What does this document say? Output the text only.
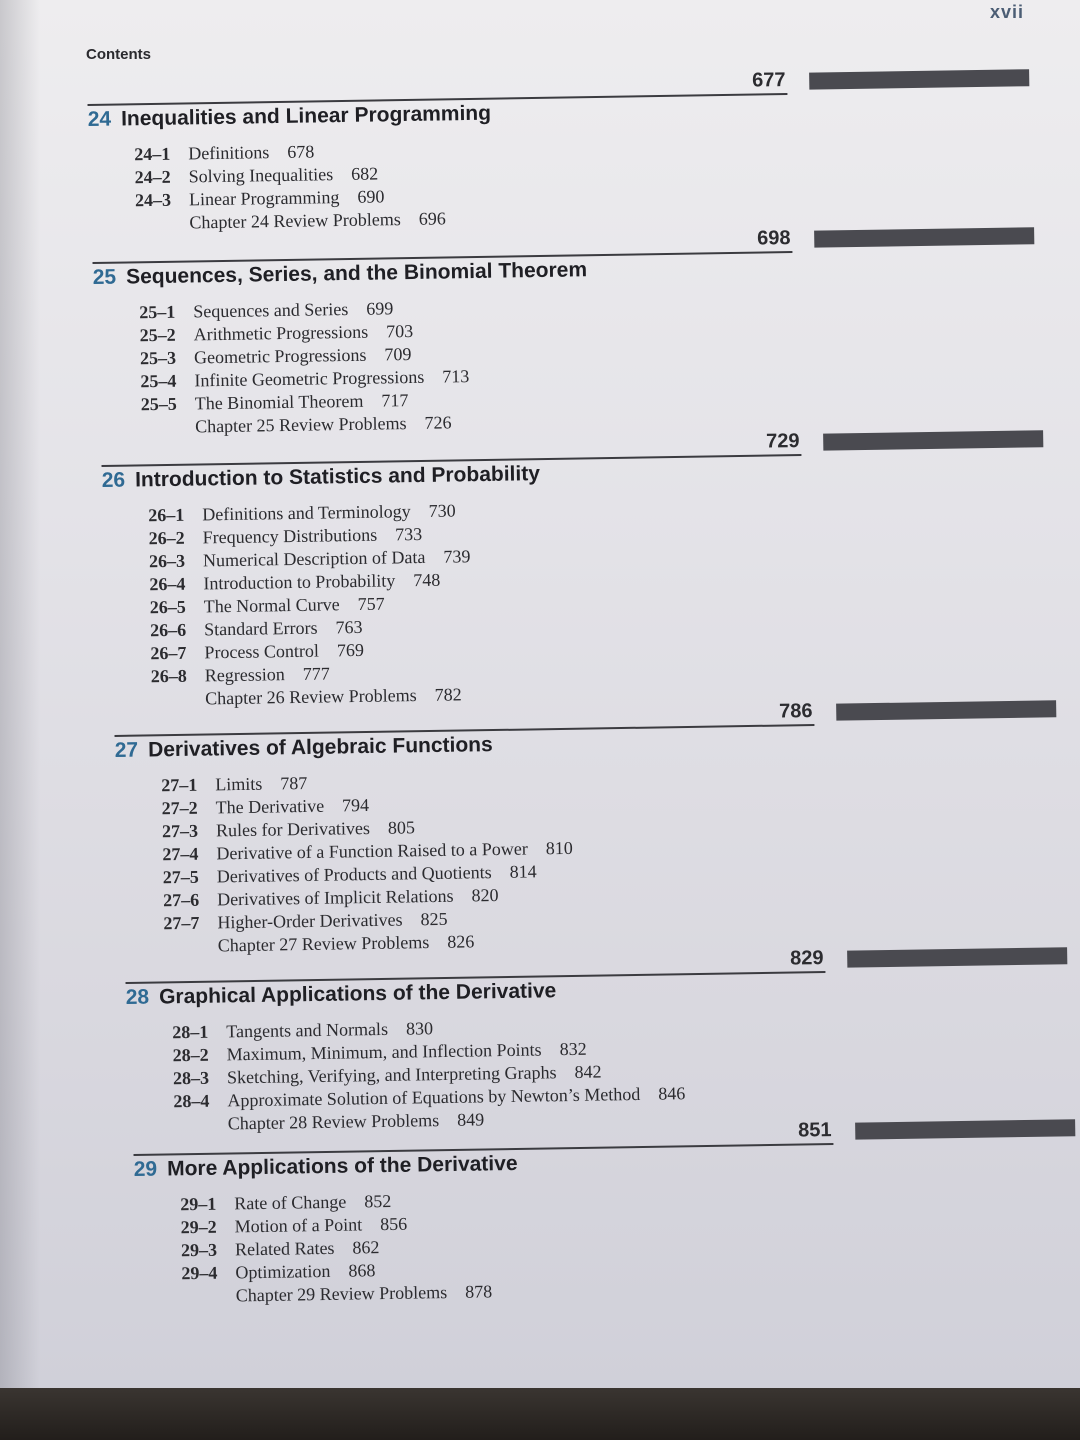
xvii
Contents
677
24 Inequalities and Linear Programming
24–1 Definitions 678
24–2 Solving Inequalities 682
24–3 Linear Programming 690
Chapter 24 Review Problems 696
698
25 Sequences, Series, and the Binomial Theorem
25–1 Sequences and Series 699
25–2 Arithmetic Progressions 703
25–3 Geometric Progressions 709
25–4 Infinite Geometric Progressions 713
25–5 The Binomial Theorem 717
Chapter 25 Review Problems 726
729
26 Introduction to Statistics and Probability
26–1 Definitions and Terminology 730
26–2 Frequency Distributions 733
26–3 Numerical Description of Data 739
26–4 Introduction to Probability 748
26–5 The Normal Curve 757
26–6 Standard Errors 763
26–7 Process Control 769
26–8 Regression 777
Chapter 26 Review Problems 782
786
27 Derivatives of Algebraic Functions
27–1 Limits 787
27–2 The Derivative 794
27–3 Rules for Derivatives 805
27–4 Derivative of a Function Raised to a Power 810
27–5 Derivatives of Products and Quotients 814
27–6 Derivatives of Implicit Relations 820
27–7 Higher-Order Derivatives 825
Chapter 27 Review Problems 826
829
28 Graphical Applications of the Derivative
28–1 Tangents and Normals 830
28–2 Maximum, Minimum, and Inflection Points 832
28–3 Sketching, Verifying, and Interpreting Graphs 842
28–4 Approximate Solution of Equations by Newton’s Method 846
Chapter 28 Review Problems 849	851
29 More Applications of the Derivative
29–1 Rate of Change 852
29–2 Motion of a Point 856
29–3 Related Rates 862
29–4 Optimization 868
Chapter 29 Review Problems 878
